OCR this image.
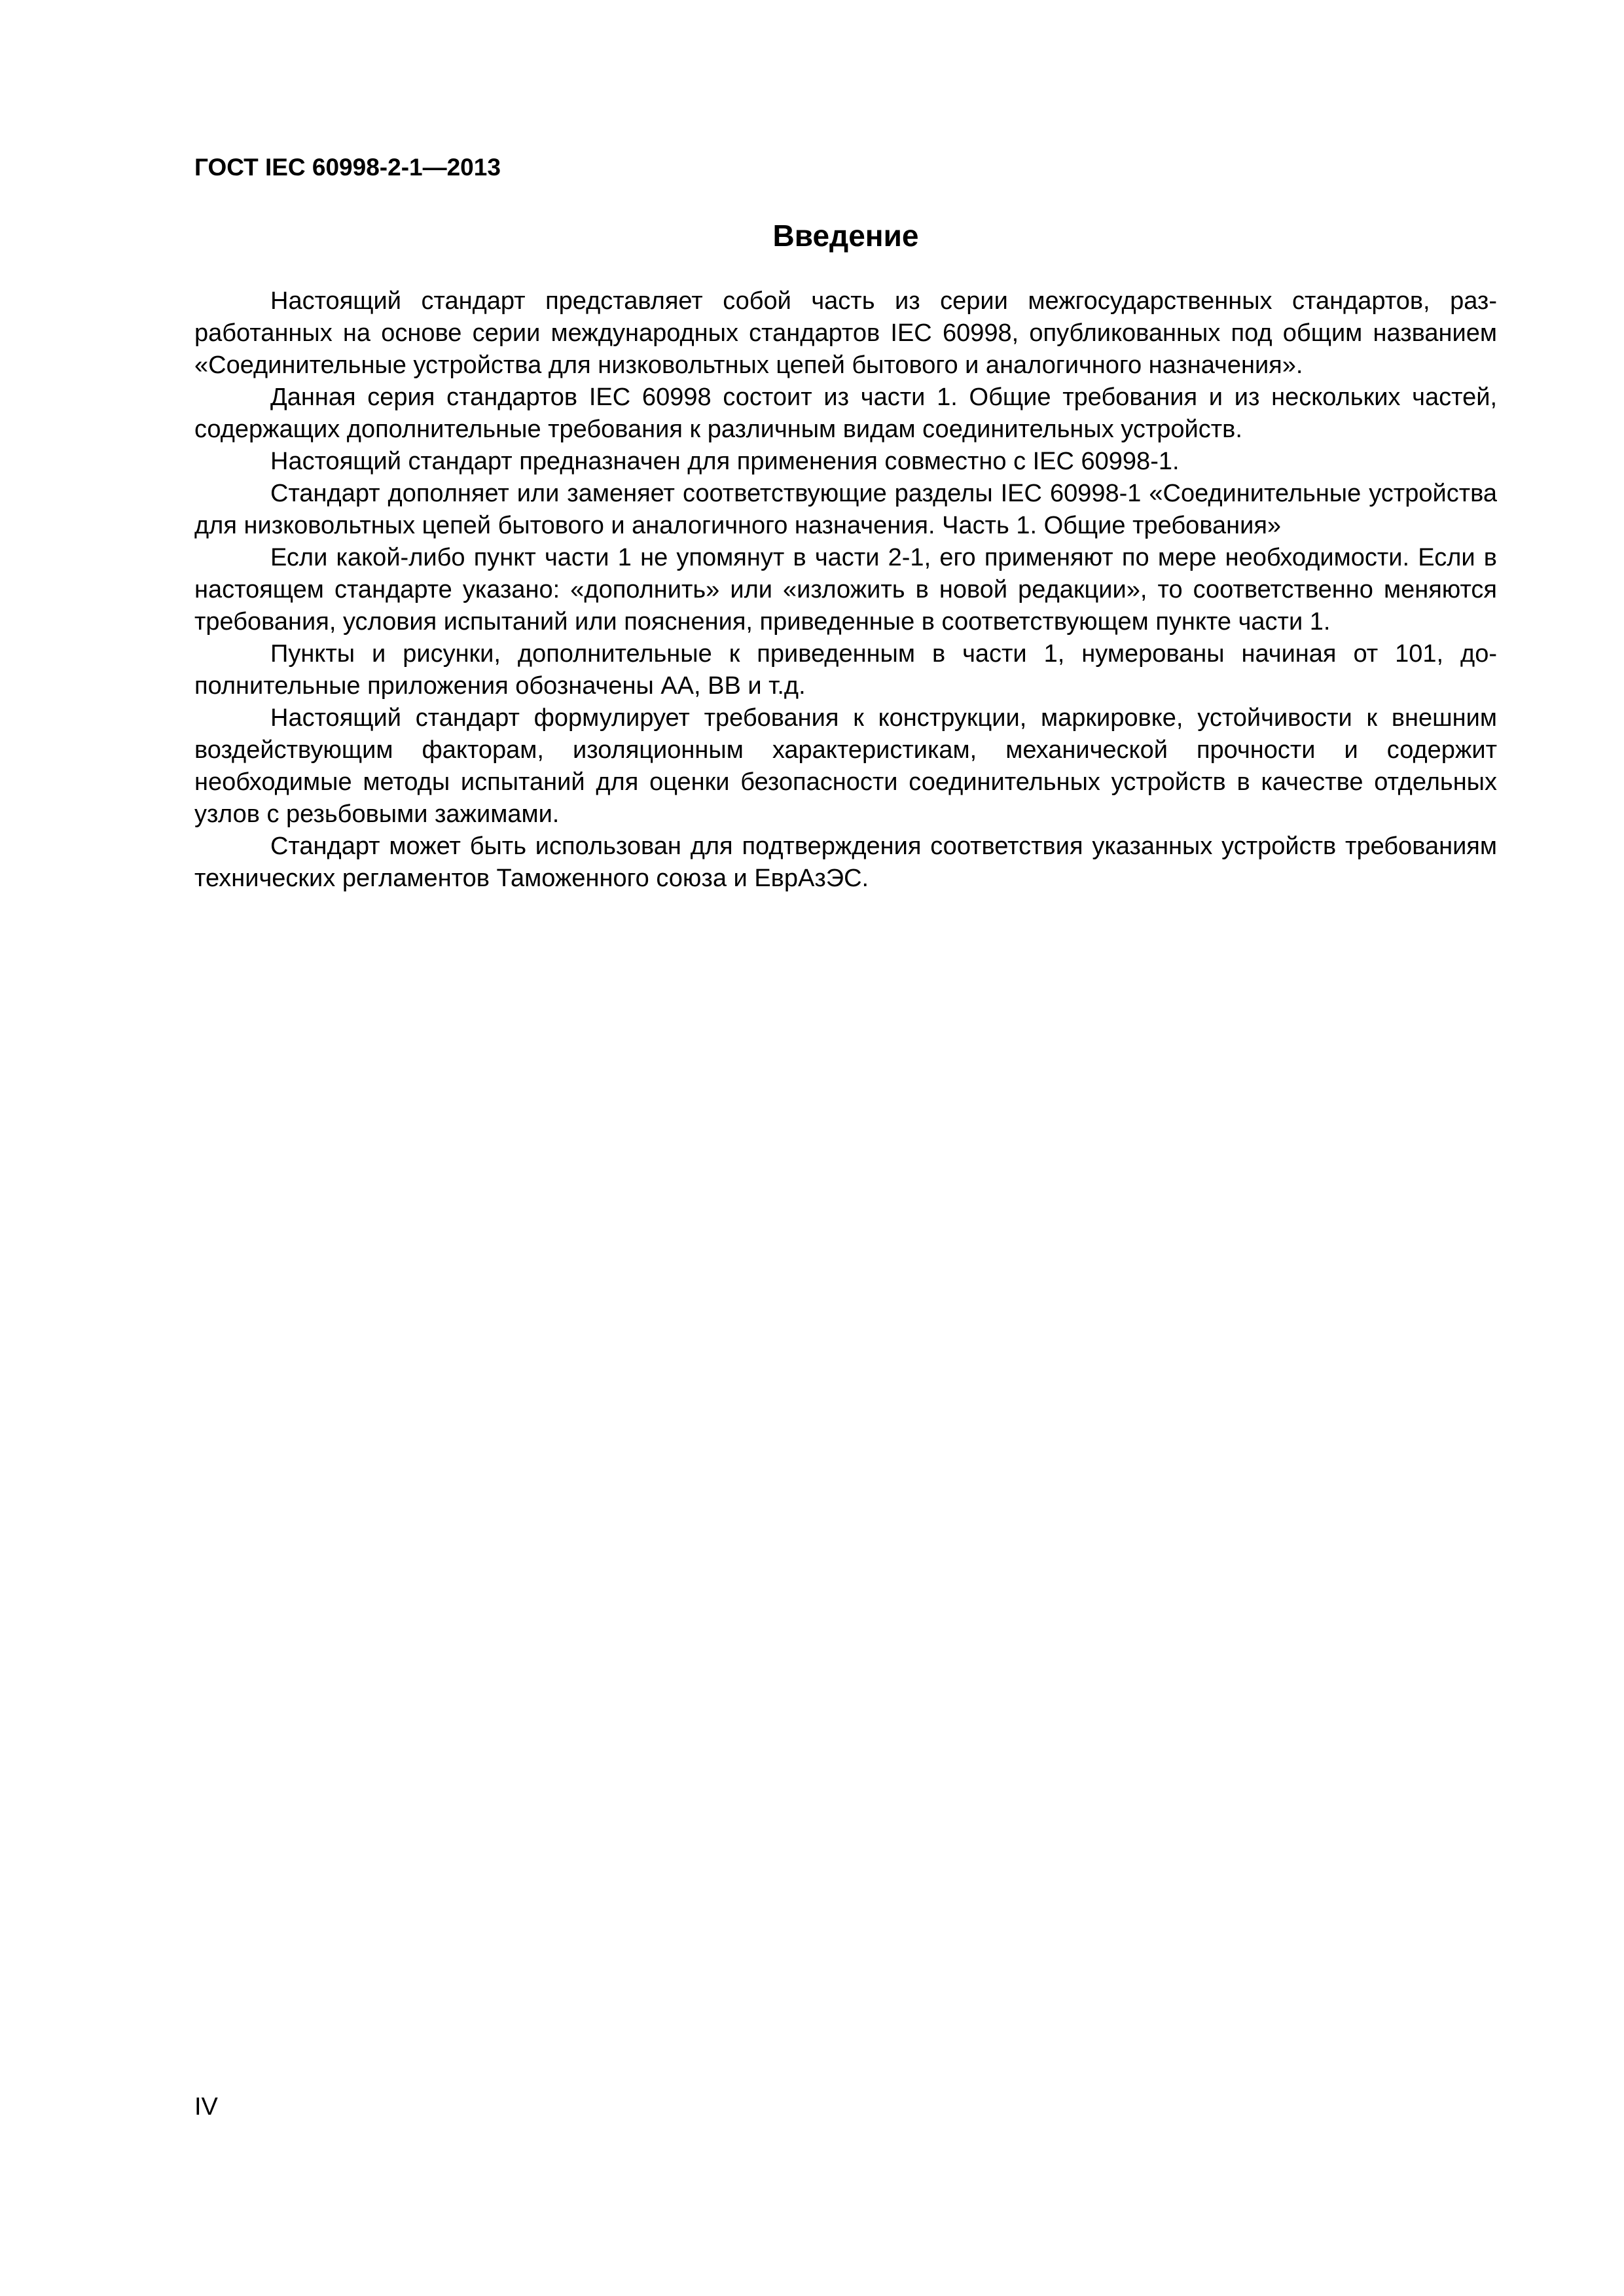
ГОСТ IEC 60998-2-1—2013
Введение

Настоящий стандарт представляет собой часть из серии межгосударственных стандартов, разработанных на основе серии международных стандартов IEC 60998, опубликованных под общим названием «Соединительные устройства для низковольтных цепей бытового и аналогичного назначения».

Данная серия стандартов IEC 60998 состоит из части 1. Общие требования и из нескольких частей, содержащих дополнительные требования к различным видам соединительных устройств.

Настоящий стандарт предназначен для применения совместно с IEC 60998-1.

Стандарт дополняет или заменяет соответствующие разделы IEC 60998-1 «Соединительные устройства для низковольтных цепей бытового и аналогичного назначения. Часть 1. Общие требования»

Если какой-либо пункт части 1 не упомянут в части 2-1, его применяют по мере необходимости. Если в настоящем стандарте указано: «дополнить» или «изложить в новой редакции», то соответственно меняются требования, условия испытаний или пояснения, приведенные в соответствующем пункте части 1.

Пункты и рисунки, дополнительные к приведенным в части 1, нумерованы начиная от 101, дополнительные приложения обозначены АА, ВВ и т.д.

Настоящий стандарт формулирует требования к конструкции, маркировке, устойчивости к внешним воздействующим факторам, изоляционным характеристикам, механической прочности и содержит необходимые методы испытаний для оценки безопасности соединительных устройств в качестве отдельных узлов с резьбовыми зажимами.

Стандарт может быть использован для подтверждения соответствия указанных устройств требованиям технических регламентов Таможенного союза и ЕврАзЭС.

IV
